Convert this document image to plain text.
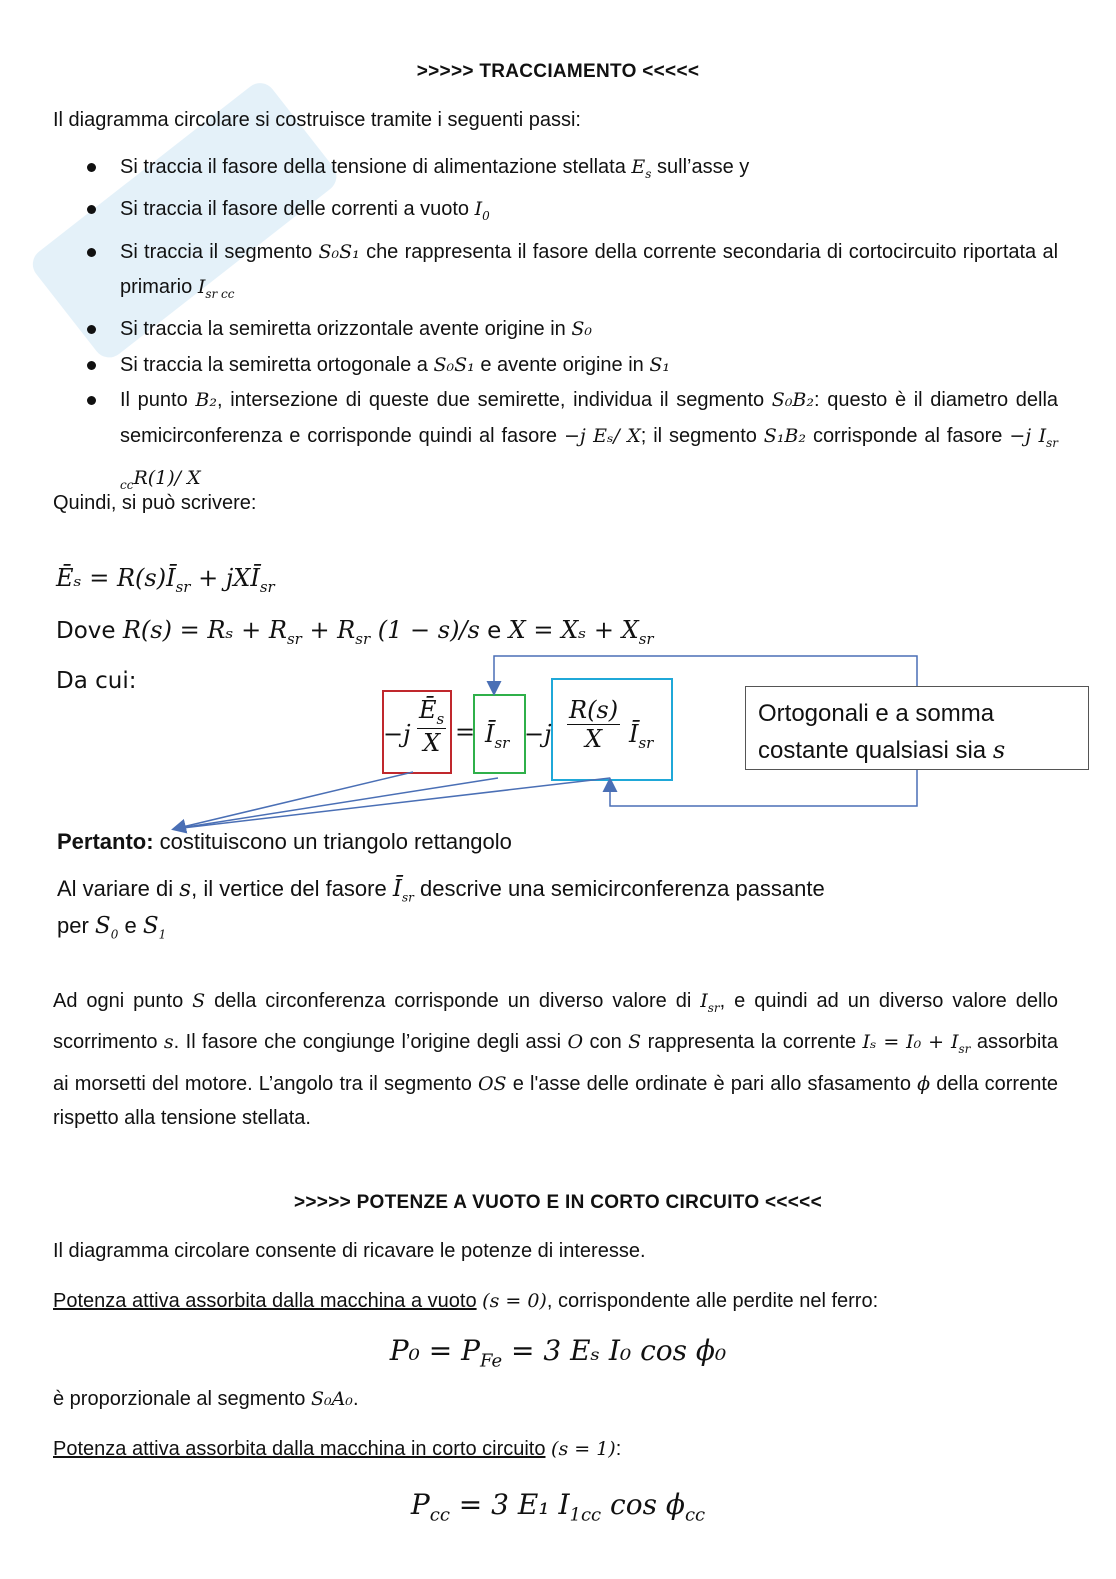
>>>>> TRACCIAMENTO <<<<<
Il diagramma circolare si costruisce tramite i seguenti passi:
Si traccia il fasore della tensione di alimentazione stellata $E_s$ sull’asse y
Si traccia il fasore delle correnti a vuoto $I_0$
Si traccia il segmento S₀S₁ che rappresenta il fasore della corrente secondaria di cortocircuito riportata al primario $I_{sr cc}$
Si traccia la semiretta orizzontale avente origine in S₀
Si traccia la semiretta ortogonale a S₀S₁ e avente origine in S₁
Il punto B₂, intersezione di queste due semirette, individua il segmento S₀B₂: questo è il diametro della semicirconferenza e corrisponde quindi al fasore −j Eₛ/ X; il segmento S₁B₂ corrisponde al fasore −j $I_{sr cc}R(1)/$ X
Quindi, si può scrivere:
Ēₛ = $R(s)Ī_{sr}$ + jXĪ$_{sr}$
Dove $R(s) = R_s + R_{sr} + R_{sr}$ (1 − s)/s e $X = X_s + X_{sr}$
Da cui:
$-j \frac{Ē_s}{X}$ = $Ī_{sr} -j \frac{R(s)}{X}$ $Ī_{sr}$
Ortogonali e a somma
costante qualsiasi sia s
Pertanto: costituiscono un triangolo rettangolo
Al variare di s, il vertice del fasore $Ī_{sr}$ descrive una semicirconferenza passante
per $S_0$ e $S_1$
Ad ogni punto S della circonferenza corrisponde un diverso valore di $I_{sr}$, e quindi ad un diverso valore dello scorrimento s. Il fasore che congiunge l’origine degli assi O con S rappresenta la corrente $I_s = I_0 + I_{sr}$ assorbita ai morsetti del motore. L’angolo tra il segmento OS e l'asse delle ordinate è pari allo sfasamento ϕ della corrente rispetto alla tensione stellata.
>>>>> POTENZE A VUOTO E IN CORTO CIRCUITO <<<<<
Il diagramma circolare consente di ricavare le potenze di interesse.
Potenza attiva assorbita dalla macchina a vuoto (s = 0), corrispondente alle perdite nel ferro:
$P_0 = P_{Fe} = 3$ Eₛ I₀ cos ϕ₀
è proporzionale al segmento S₀A₀.
Potenza attiva assorbita dalla macchina in corto circuito (s = 1):
$P_{cc} = 3$ E₁ $I_{1cc}$ $\cos \phi_{cc}$
